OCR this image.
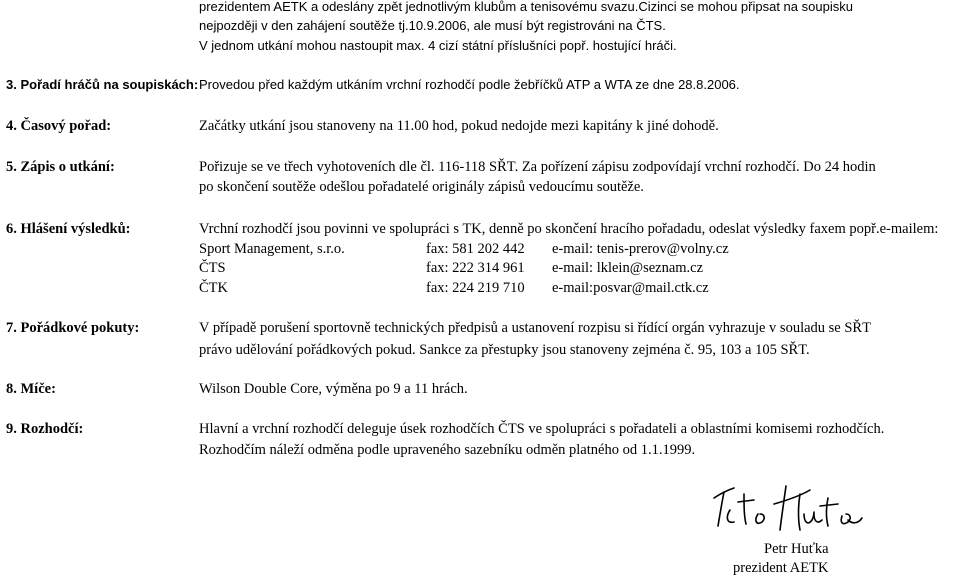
prezidentem AETK a odeslány zpět jednotlivým klubům a tenisovému svazu.Cizinci se mohou připsat na soupisku
nejpozději v den zahájení soutěže tj.10.9.2006, ale musí být registrováni na ČTS.
V jednom utkání mohou nastoupit max. 4 cizí státní příslušníci popř. hostující hráči.
3. Pořadí hráčů na soupiskách: Provedou před každým utkáním vrchní rozhodčí podle žebříčků ATP a WTA ze dne 28.8.2006.
4. Časový pořad:	Začátky utkání jsou stanoveny na 11.00 hod, pokud nedojde mezi kapitány k jiné dohodě.
5. Zápis o utkání:	Pořizuje se ve třech vyhotoveních dle čl. 116-118 SŘT. Za pořízení zápisu zodpovídají vrchní rozhodčí. Do 24 hodin
po skončení soutěže odešlou pořadatelé originály zápisů vedoucímu soutěže.
6. Hlášení výsledků:	Vrchní rozhodčí jsou povinni ve spolupráci s TK, denně po skončení hracího pořadadu, odeslat výsledky faxem popř.e-mailem:
Sport Management, s.r.o.	fax: 581 202 442 e-mail: tenis-prerov@volny.cz
ČTS	fax: 222 314 961 e-mail: lklein@seznam.cz
ČTK	fax: 224 219 710 e-mail:posvar@mail.ctk.cz
7. Pořádkové pokuty:	V případě porušení sportovně technických předpisů a ustanovení rozpisu si řídící orgán vyhrazuje v souladu se SŘT
právo udělování pořádkových pokud. Sankce za přestupky jsou stanoveny zejména č. 95, 103 a 105 SŘT.
8. Míče:	Wilson Double Core, výměna po 9 a 11 hrách.
9. Rozhodčí:	Hlavní a vrchní rozhodčí deleguje úsek rozhodčích ČTS ve spolupráci s pořadateli a oblastními komisemi rozhodčích.
Rozhodčím náleží odměna podle upraveného sazebníku odměn platného od 1.1.1999.
Petr Huťka
prezident AETK
